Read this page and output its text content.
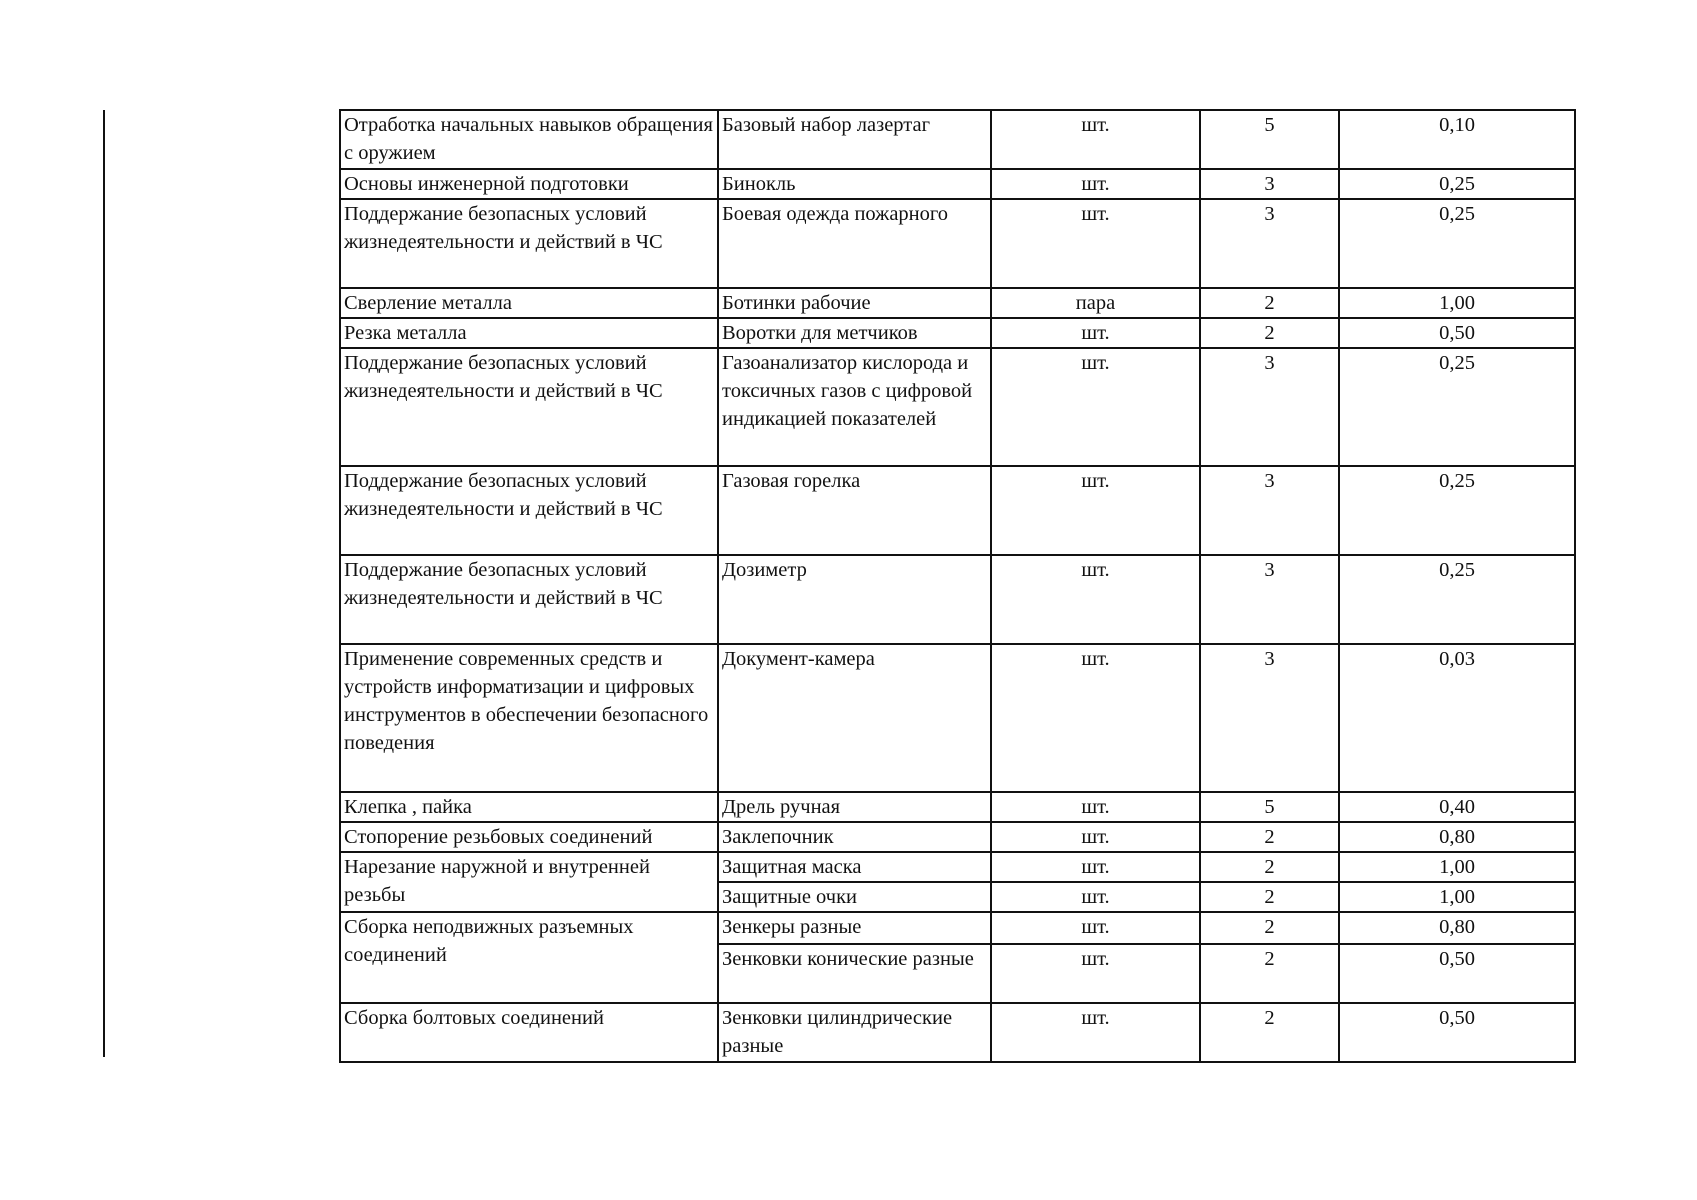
Отработка начальных навыков обращения с оружием	Базовый набор лазертаг	шт.	5	0,10
Основы инженерной подготовки	Бинокль	шт.	3	0,25
Поддержание безопасных условий жизнедеятельности и действий в ЧС	Боевая одежда пожарного	шт.	3	0,25
Сверление металла	Ботинки рабочие	пара	2	1,00
Резка металла	Воротки для метчиков	шт.	2	0,50
Поддержание безопасных условий жизнедеятельности и действий в ЧС	Газоанализатор кислорода и токсичных газов с цифровой индикацией показателей	шт.	3	0,25
Поддержание безопасных условий жизнедеятельности и действий в ЧС	Газовая горелка	шт.	3	0,25
Поддержание безопасных условий жизнедеятельности и действий в ЧС	Дозиметр	шт.	3	0,25
Применение современных средств и устройств информатизации и цифровых инструментов в обеспечении безопасного поведения	Документ-камера	шт.	3	0,03
Клепка , пайка	Дрель ручная	шт.	5	0,40
Стопорение резьбовых соединений	Заклепочник	шт.	2	0,80
Нарезание наружной и внутренней резьбы	Защитная маска	шт.	2	1,00
	Защитные очки	шт.	2	1,00
Сборка неподвижных разъемных соединений	Зенкеры разные	шт.	2	0,80
	Зенковки конические разные	шт.	2	0,50
Сборка болтовых соединений	Зенковки цилиндрические разные	шт.	2	0,50
